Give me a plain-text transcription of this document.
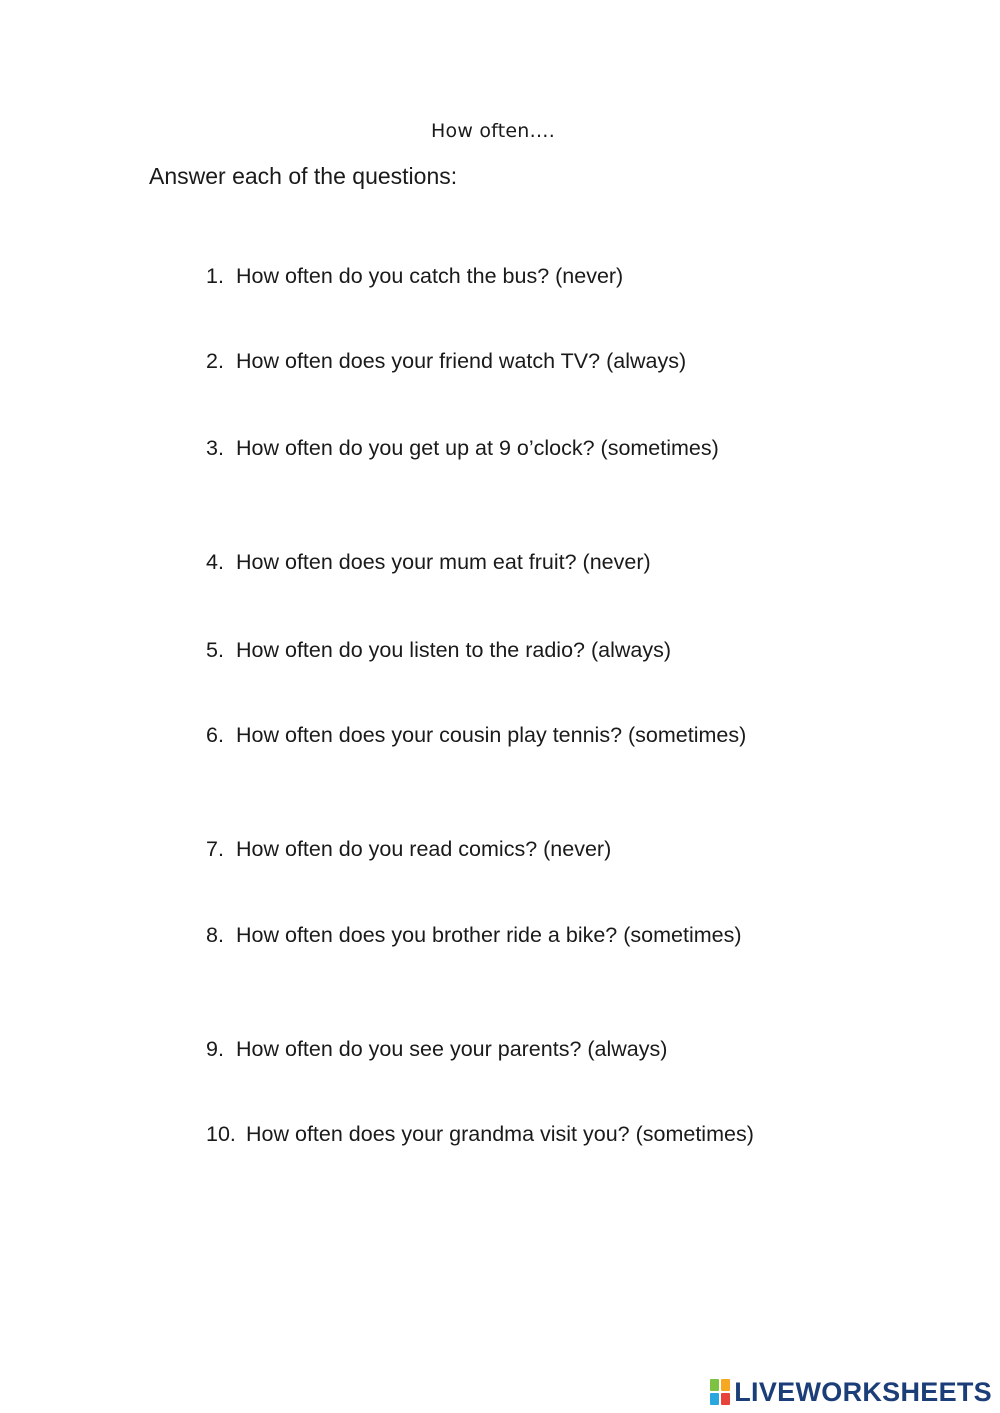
How often….
Answer each of the questions:
1. How often do you catch the bus? (never)
2. How often does your friend watch TV? (always)
3. How often do you get up at 9 o’clock? (sometimes)
4. How often does your mum eat fruit? (never)
5. How often do you listen to the radio? (always)
6. How often does your cousin play tennis? (sometimes)
7. How often do you read comics? (never)
8. How often does you brother ride a bike? (sometimes)
9. How often do you see your parents? (always)
10. How often does your grandma visit you? (sometimes)
LIVEWORKSHEETS
